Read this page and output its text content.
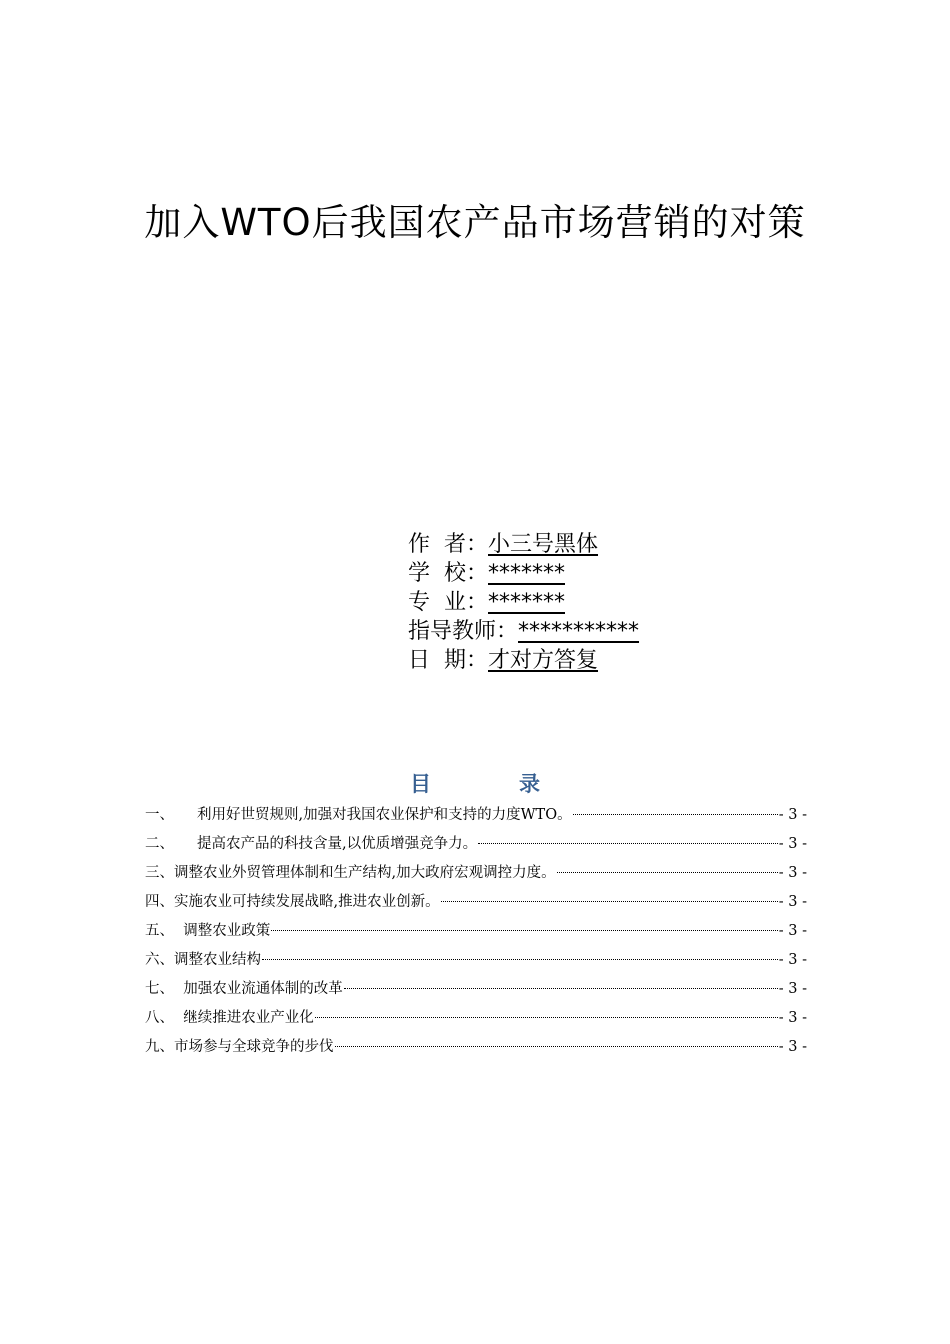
加入WTO后我国农产品市场营销的对策
作  者：小三号黑体
学  校：*******
专  业：*******
指导教师：***********
日  期：才对方答复
目录
一、 利用好世贸规则,加强对我国农业保护和支持的力度WTO。	- 3 -
二、 提高农产品的科技含量,以优质增强竞争力。	- 3 -
三、 调整农业外贸管理体制和生产结构,加大政府宏观调控力度。	- 3 -
四、 实施农业可持续发展战略,推进农业创新。	- 3 -
五、 调整农业政策	- 3 -
六、 调整农业结构	- 3 -
七、 加强农业流通体制的改革	- 3 -
八、 继续推进农业产业化	- 3 -
九、 市场参与全球竞争的步伐	- 3 -
